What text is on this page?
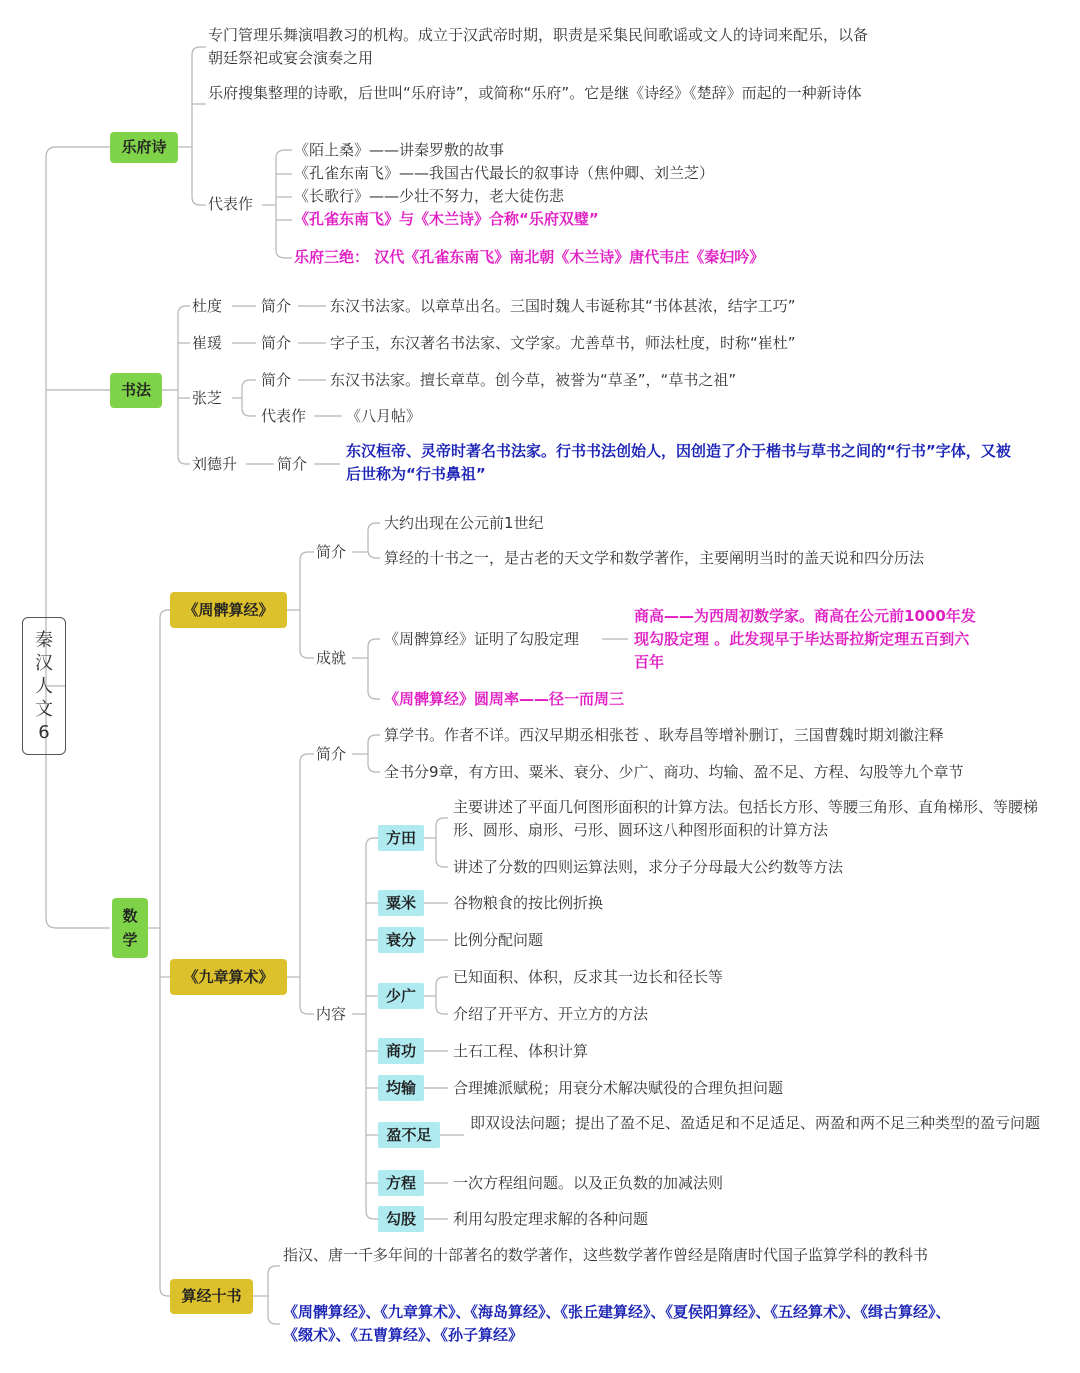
秦
汉
人
文
6
乐府诗
专门管理乐舞演唱教习的机构。成立于汉武帝时期，职责是采集民间歌谣或文人的诗词来配乐，以备朝廷祭祀或宴会演奏之用
乐府搜集整理的诗歌，后世叫“乐府诗”，或简称“乐府”。它是继《诗经》《楚辞》而起的一种新诗体
代表作
《陌上桑》——讲秦罗敷的故事
《孔雀东南飞》——我国古代最长的叙事诗（焦仲卿、刘兰芝）
《长歌行》——少壮不努力，老大徒伤悲
《孔雀东南飞》与《木兰诗》合称“乐府双璧”
乐府三绝： 汉代《孔雀东南飞》南北朝《木兰诗》唐代韦庄《秦妇吟》
书法
杜度	简介	东汉书法家。以章草出名。三国时魏人韦诞称其“书体甚浓，结字工巧”
崔瑗	简介	字子玉，东汉著名书法家、文学家。尤善草书，师法杜度，时称“崔杜”
张芝
简介	东汉书法家。擅长章草。创今草，被誉为“草圣”，“草书之祖”
代表作	《八月帖》
刘德升	简介
东汉桓帝、灵帝时著名书法家。行书书法创始人，因创造了介于楷书与草书之间的“行书”字体，又被后世称为“行书鼻祖”
数
学
《周髀算经》
简介
大约出现在公元前1世纪
算经的十书之一，是古老的天文学和数学著作，主要阐明当时的盖天说和四分历法
成就
《周髀算经》证明了勾股定理
商高——为西周初数学家。商高在公元前1000年发现勾股定理 。此发现早于毕达哥拉斯定理五百到六百年
《周髀算经》圆周率——径一而周三
《九章算术》
简介
算学书。作者不详。西汉早期丞相张苍 、耿寿昌等增补删订，三国曹魏时期刘徽注释
全书分9章，有方田、粟米、衰分、少广、商功、均输、盈不足、方程、勾股等九个章节
内容
方田
主要讲述了平面几何图形面积的计算方法。包括长方形、等腰三角形、直角梯形、等腰梯形、圆形、扇形、弓形、圆环这八种图形面积的计算方法
讲述了分数的四则运算法则，求分子分母最大公约数等方法
粟米	谷物粮食的按比例折换
衰分	比例分配问题
少广
已知面积、体积，反求其一边长和径长等
介绍了开平方、开立方的方法
商功	土石工程、体积计算
均输	合理摊派赋税；用衰分术解决赋役的合理负担问题
盈不足
即双设法问题；提出了盈不足、盈适足和不足适足、两盈和两不足三种类型的盈亏问题
方程	一次方程组问题。以及正负数的加减法则
勾股	利用勾股定理求解的各种问题
算经十书
指汉、唐一千多年间的十部著名的数学著作，这些数学著作曾经是隋唐时代国子监算学科的教科书
《周髀算经》、《九章算术》、《海岛算经》、《张丘建算经》、《夏侯阳算经》、《五经算术》、《缉古算经》、《缀术》、《五曹算经》、《孙子算经》
